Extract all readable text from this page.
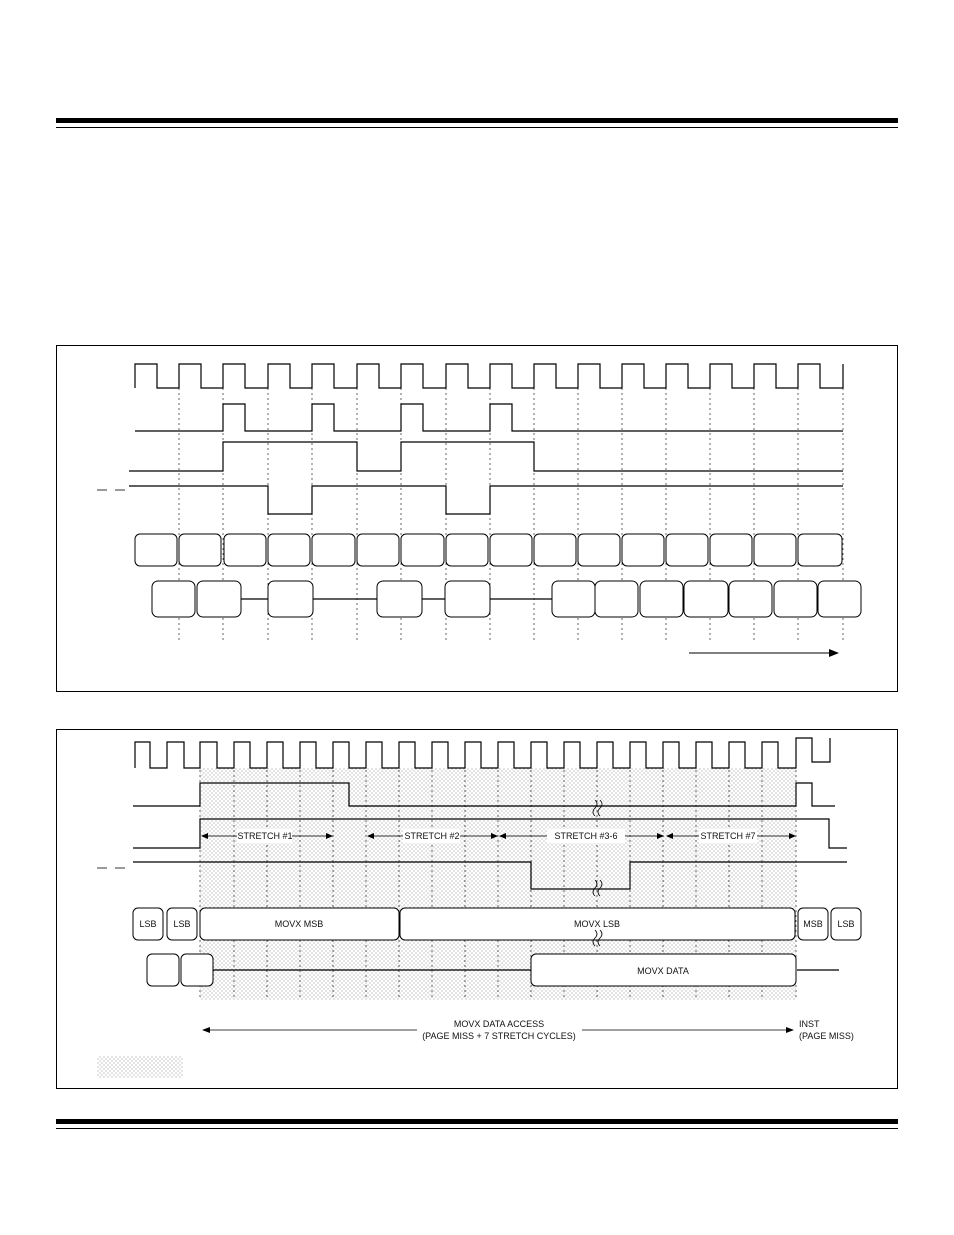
STRETCH #1	STRETCH #2	STRETCH #3-6	STRETCH #7
LSB LSB	MOVX MSB	MOVX LSB	MSB LSB
MOVX DATA
MOVX DATA ACCESS
(PAGE MISS + 7 STRETCH CYCLES)
INST
(PAGE MISS)
